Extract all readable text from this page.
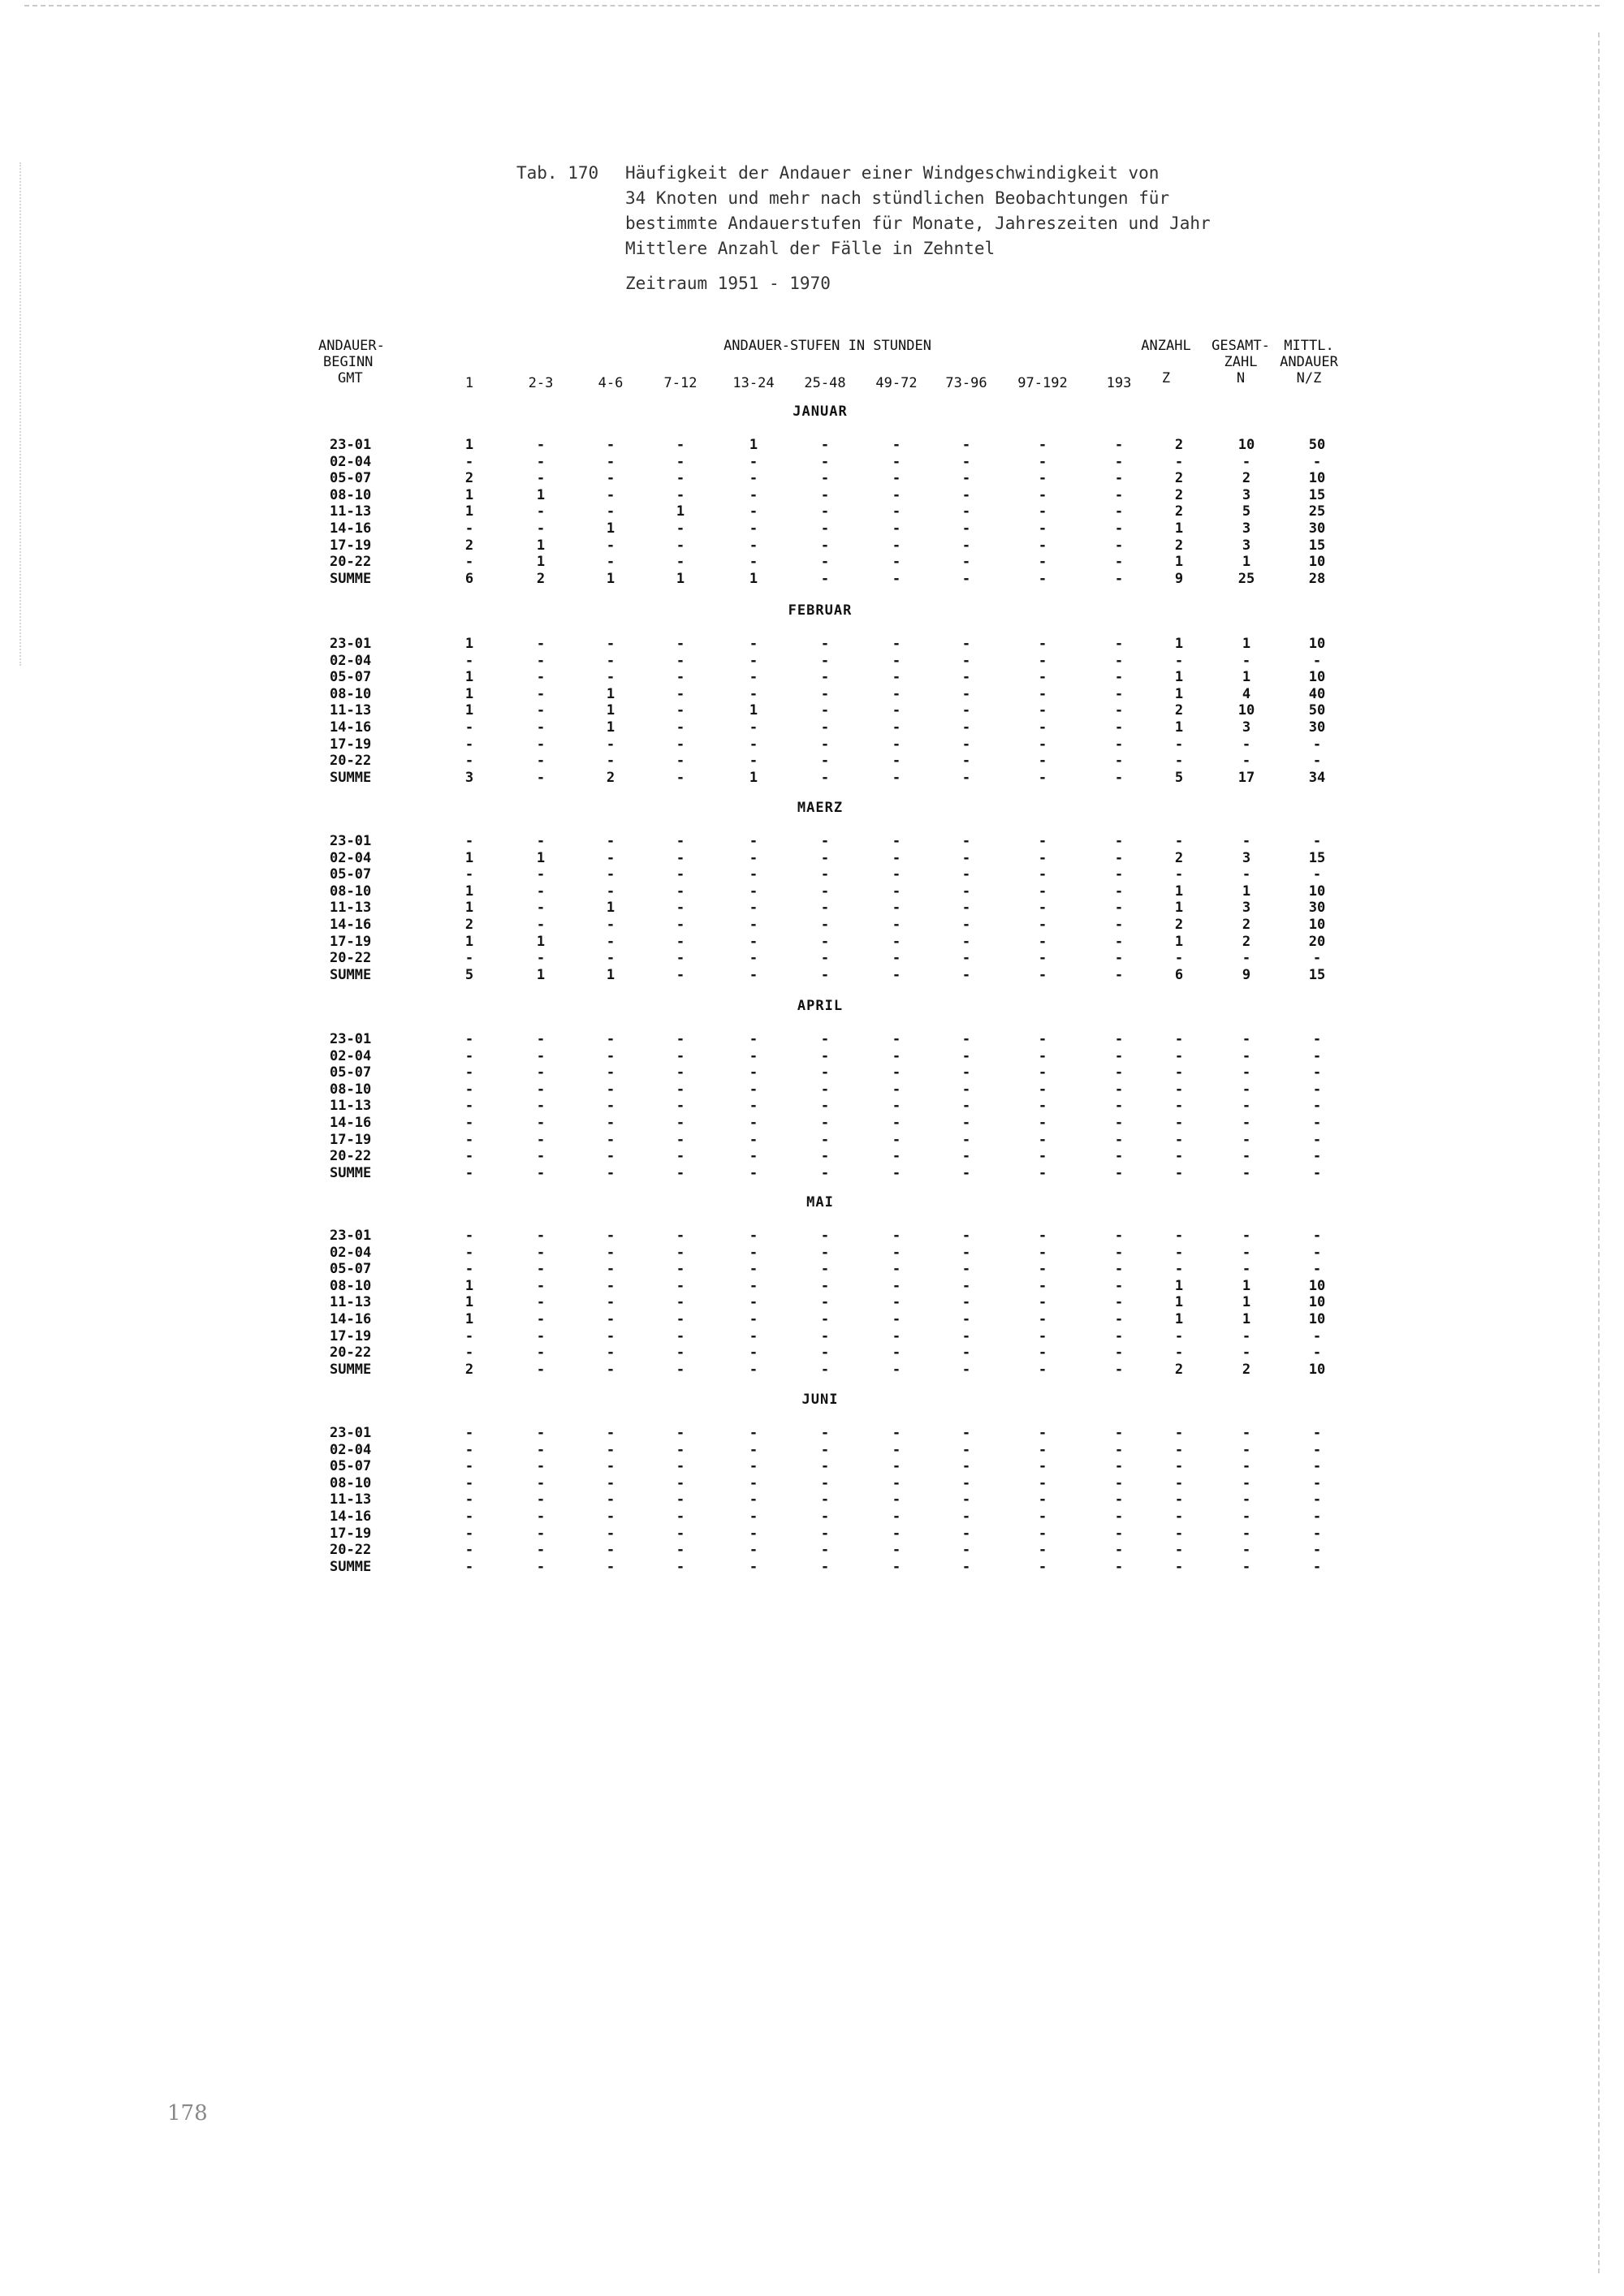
Tab. 170 Häufigkeit der Andauer einer Windgeschwindigkeit von
34 Knoten und mehr nach stündlichen Beobachtungen für
bestimmte Andauerstufen für Monate, Jahreszeiten und Jahr
Mittlere Anzahl der Fälle in Zehntel
Zeitraum 1951 - 1970
ANDAUER-
BEGINN
GMT
ANDAUER-STUFEN IN STUNDEN
1	2-3	4-6	7-12	13-24 25-48 49-72 73-96 97-192	193
ANZAHL
Z
GESAMT-
ZAHL
N
MITTL.
ANDAUER
N/Z
JANUAR
23-01	1	-	-	-	1	-	-	-	-	-	2	10	50
02-04	-	-	-	-	-	-	-	-	-	-	-	-	-
05-07	2	-	-	-	-	-	-	-	-	-	2	2	10
08-10	1	1	-	-	-	-	-	-	-	-	2	3	15
11-13	1	-	-	1	-	-	-	-	-	-	2	5	25
14-16	-	-	1	-	-	-	-	-	-	-	1	3	30
17-19	2	1	-	-	-	-	-	-	-	-	2	3	15
20-22	-	1	-	-	-	-	-	-	-	-	1	1	10
SUMME	6	2	1	1	1	-	-	-	-	-	9	25	28
FEBRUAR
23-01	1	-	-	-	-	-	-	-	-	-	1	1	10
02-04	-	-	-	-	-	-	-	-	-	-	-	-	-
05-07	1	-	-	-	-	-	-	-	-	-	1	1	10
08-10	1	-	1	-	-	-	-	-	-	-	1	4	40
11-13	1	-	1	-	1	-	-	-	-	-	2	10	50
14-16	-	-	1	-	-	-	-	-	-	-	1	3	30
17-19	-	-	-	-	-	-	-	-	-	-	-	-	-
20-22	-	-	-	-	-	-	-	-	-	-	-	-	-
SUMME	3	-	2	-	1	-	-	-	-	-	5	17	34
MAERZ
23-01	-	-	-	-	-	-	-	-	-	-	-	-	-
02-04	1	1	-	-	-	-	-	-	-	-	2	3	15
05-07	-	-	-	-	-	-	-	-	-	-	-	-	-
08-10	1	-	-	-	-	-	-	-	-	-	1	1	10
11-13	1	-	1	-	-	-	-	-	-	-	1	3	30
14-16	2	-	-	-	-	-	-	-	-	-	2	2	10
17-19	1	1	-	-	-	-	-	-	-	-	1	2	20
20-22	-	-	-	-	-	-	-	-	-	-	-	-	-
SUMME	5	1	1	-	-	-	-	-	-	-	6	9	15
APRIL
23-01	-	-	-	-	-	-	-	-	-	-	-	-	-
02-04	-	-	-	-	-	-	-	-	-	-	-	-	-
05-07	-	-	-	-	-	-	-	-	-	-	-	-	-
08-10	-	-	-	-	-	-	-	-	-	-	-	-	-
11-13	-	-	-	-	-	-	-	-	-	-	-	-	-
14-16	-	-	-	-	-	-	-	-	-	-	-	-	-
17-19	-	-	-	-	-	-	-	-	-	-	-	-	-
20-22	-	-	-	-	-	-	-	-	-	-	-	-	-
SUMME	-	-	-	-	-	-	-	-	-	-	-	-	-
MAI
23-01	-	-	-	-	-	-	-	-	-	-	-	-	-
02-04	-	-	-	-	-	-	-	-	-	-	-	-	-
05-07	-	-	-	-	-	-	-	-	-	-	-	-	-
08-10	1	-	-	-	-	-	-	-	-	-	1	1	10
11-13	1	-	-	-	-	-	-	-	-	-	1	1	10
14-16	1	-	-	-	-	-	-	-	-	-	1	1	10
17-19	-	-	-	-	-	-	-	-	-	-	-	-	-
20-22	-	-	-	-	-	-	-	-	-	-	-	-	-
SUMME	2	-	-	-	-	-	-	-	-	-	2	2	10
JUNI
23-01	-	-	-	-	-	-	-	-	-	-	-	-	-
02-04	-	-	-	-	-	-	-	-	-	-	-	-	-
05-07	-	-	-	-	-	-	-	-	-	-	-	-	-
08-10	-	-	-	-	-	-	-	-	-	-	-	-	-
11-13	-	-	-	-	-	-	-	-	-	-	-	-	-
14-16	-	-	-	-	-	-	-	-	-	-	-	-	-
17-19	-	-	-	-	-	-	-	-	-	-	-	-	-
20-22	-	-	-	-	-	-	-	-	-	-	-	-	-
SUMME	-	-	-	-	-	-	-	-	-	-	-	-	-
178
